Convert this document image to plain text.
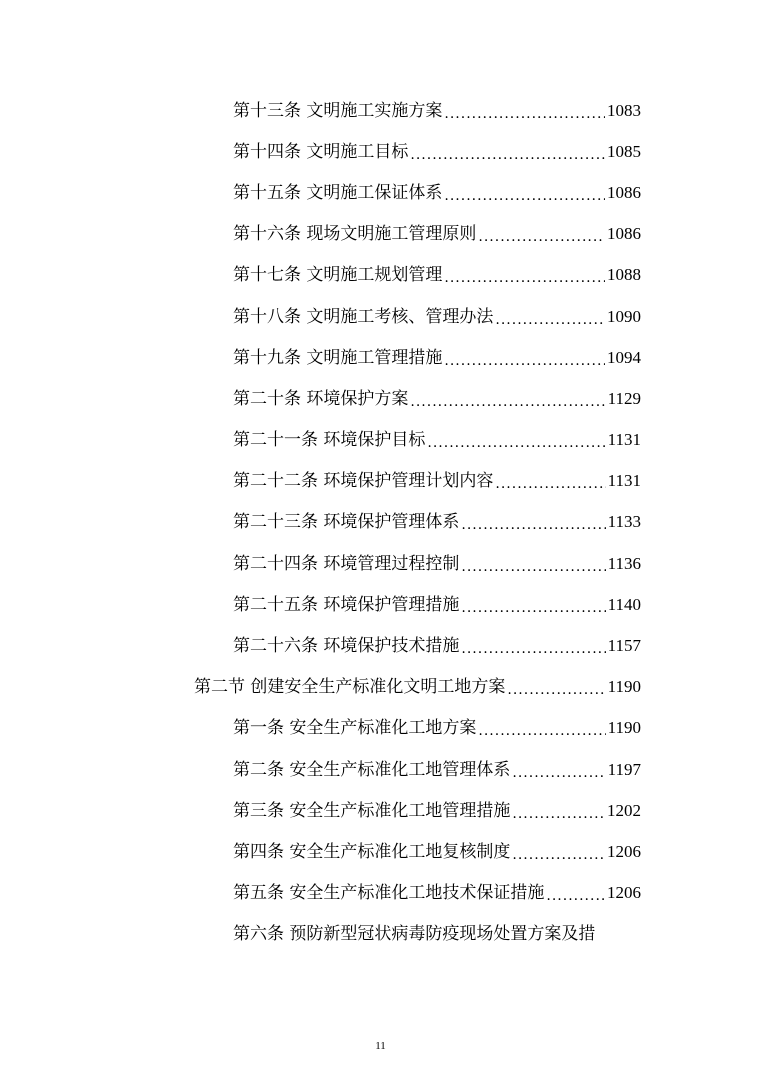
第十三条 文明施工实施方案 .....	1083
第十四条 文明施工目标 .....	1085
第十五条 文明施工保证体系 .....	1086
第十六条 现场文明施工管理原则 .....	1086
第十七条 文明施工规划管理 .....	1088
第十八条 文明施工考核、管理办法 .....	1090
第十九条 文明施工管理措施 .....	1094
第二十条 环境保护方案 .....	1129
第二十一条 环境保护目标 .....	1131
第二十二条 环境保护管理计划内容 .....	1131
第二十三条 环境保护管理体系 .....	1133
第二十四条 环境管理过程控制 .....	1136
第二十五条 环境保护管理措施 .....	1140
第二十六条 环境保护技术措施 .....	1157
第二节 创建安全生产标准化文明工地方案 .....	1190
第一条 安全生产标准化工地方案 .....	1190
第二条 安全生产标准化工地管理体系 .....	1197
第三条 安全生产标准化工地管理措施 .....	1202
第四条 安全生产标准化工地复核制度 .....	1206
第五条 安全生产标准化工地技术保证措施 .....	1206
第六条 预防新型冠状病毒防疫现场处置方案及措
11
